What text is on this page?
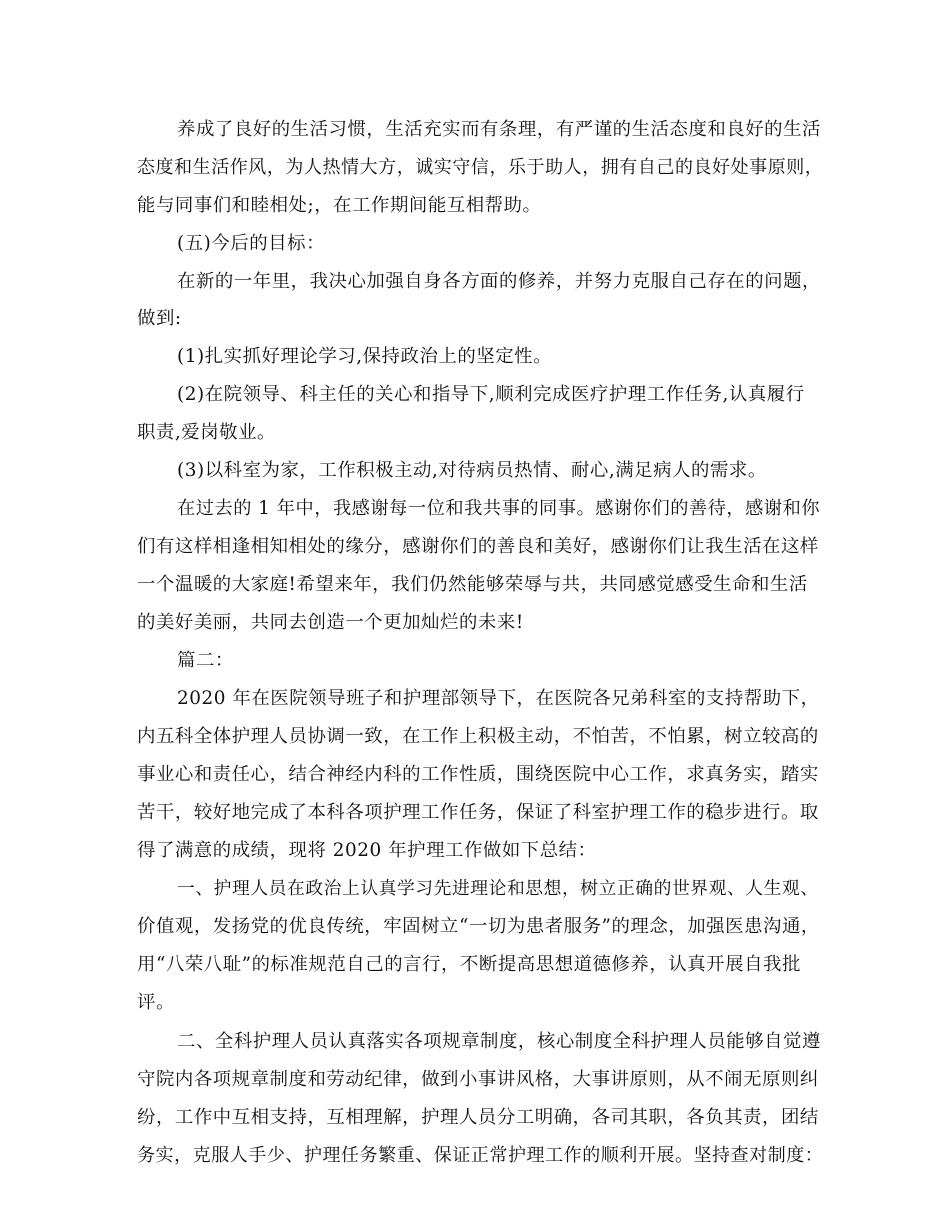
养成了良好的生活习惯，生活充实而有条理，有严谨的生活态度和良好的生活
态度和生活作风，为人热情大方，诚实守信，乐于助人，拥有自己的良好处事原则，
能与同事们和睦相处;，在工作期间能互相帮助。
(五)今后的目标：
在新的一年里，我决心加强自身各方面的修养，并努力克服自己存在的问题，
做到:
(1)扎实抓好理论学习,保持政治上的坚定性。
(2)在院领导、科主任的关心和指导下,顺利完成医疗护理工作任务,认真履行
职责,爱岗敬业。
(3)以科室为家，工作积极主动,对待病员热情、耐心,满足病人的需求。
在过去的 1 年中，我感谢每一位和我共事的同事。感谢你们的善待，感谢和你
们有这样相逢相知相处的缘分，感谢你们的善良和美好，感谢你们让我生活在这样
一个温暖的大家庭!希望来年，我们仍然能够荣辱与共，共同感觉感受生命和生活
的美好美丽，共同去创造一个更加灿烂的未来!
篇二：
2020 年在医院领导班子和护理部领导下，在医院各兄弟科室的支持帮助下，
内五科全体护理人员协调一致，在工作上积极主动，不怕苦，不怕累，树立较高的
事业心和责任心，结合神经内科的工作性质，围绕医院中心工作，求真务实，踏实
苦干，较好地完成了本科各项护理工作任务，保证了科室护理工作的稳步进行。取
得了满意的成绩，现将 2020 年护理工作做如下总结：
一、护理人员在政治上认真学习先进理论和思想，树立正确的世界观、人生观、
价值观，发扬党的优良传统，牢固树立“一切为患者服务”的理念，加强医患沟通，
用“八荣八耻”的标准规范自己的言行，不断提高思想道德修养，认真开展自我批
评。
二、全科护理人员认真落实各项规章制度，核心制度全科护理人员能够自觉遵
守院内各项规章制度和劳动纪律，做到小事讲风格，大事讲原则，从不闹无原则纠
纷，工作中互相支持，互相理解，护理人员分工明确，各司其职，各负其责，团结
务实，克服人手少、护理任务繁重、保证正常护理工作的顺利开展。坚持查对制度：
